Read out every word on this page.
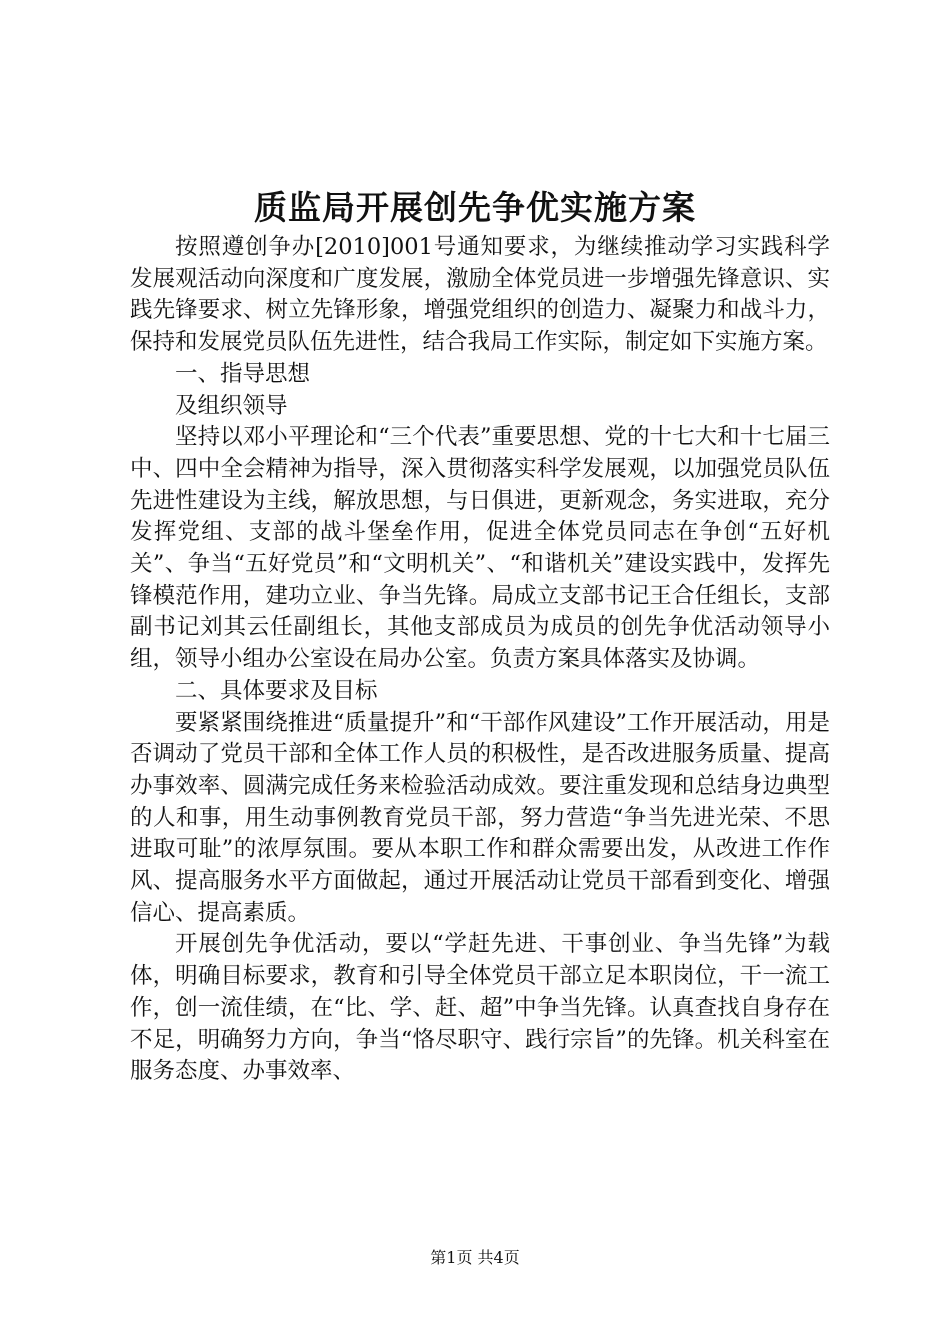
质监局开展创先争优实施方案

按照遵创争办[2010]001号通知要求，为继续推动学习实践科学发展观活动向深度和广度发展，激励全体党员进一步增强先锋意识、实践先锋要求、树立先锋形象，增强党组织的创造力、凝聚力和战斗力，保持和发展党员队伍先进性，结合我局工作实际，制定如下实施方案。

一、指导思想

及组织领导

坚持以邓小平理论和“三个代表”重要思想、党的十七大和十七届三中、四中全会精神为指导，深入贯彻落实科学发展观，以加强党员队伍先进性建设为主线，解放思想，与日俱进，更新观念，务实进取，充分发挥党组、支部的战斗堡垒作用，促进全体党员同志在争创“五好机关”、争当“五好党员”和“文明机关”、“和谐机关”建设实践中，发挥先锋模范作用，建功立业、争当先锋。局成立支部书记王合任组长，支部副书记刘其云任副组长，其他支部成员为成员的创先争优活动领导小组，领导小组办公室设在局办公室。负责方案具体落实及协调。

二、具体要求及目标

要紧紧围绕推进“质量提升”和“干部作风建设”工作开展活动，用是否调动了党员干部和全体工作人员的积极性，是否改进服务质量、提高办事效率、圆满完成任务来检验活动成效。要注重发现和总结身边典型的人和事，用生动事例教育党员干部，努力营造“争当先进光荣、不思进取可耻”的浓厚氛围。要从本职工作和群众需要出发，从改进工作作风、提高服务水平方面做起，通过开展活动让党员干部看到变化、增强信心、提高素质。

开展创先争优活动，要以“学赶先进、干事创业、争当先锋”为载体，明确目标要求，教育和引导全体党员干部立足本职岗位，干一流工作，创一流佳绩，在“比、学、赶、超”中争当先锋。认真查找自身存在不足，明确努力方向，争当“恪尽职守、践行宗旨”的先锋。机关科室在服务态度、办事效率、

第1页 共4页
